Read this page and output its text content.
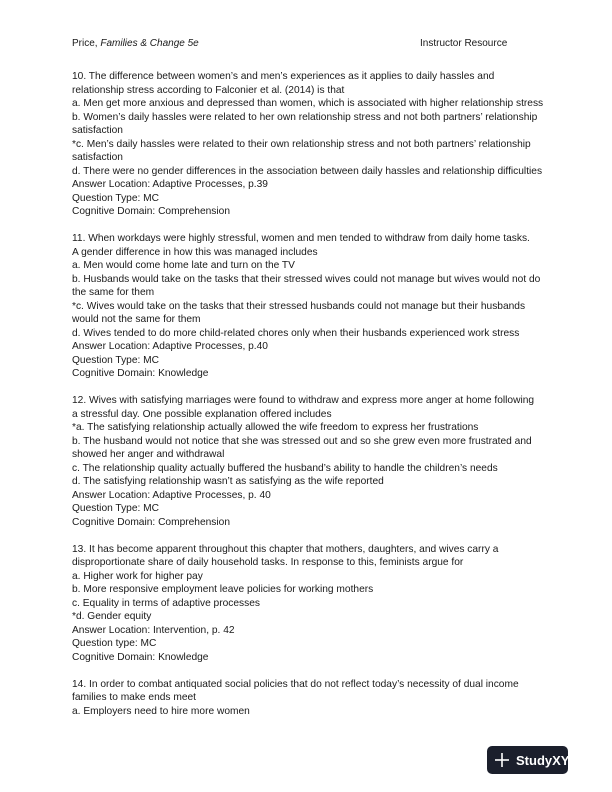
Price, Families & Change 5e	Instructor Resource
10. The difference between women’s and men’s experiences as it applies to daily hassles and
relationship stress according to Falconier et al. (2014) is that
a. Men get more anxious and depressed than women, which is associated with higher relationship stress
b. Women’s daily hassles were related to her own relationship stress and not both partners’ relationship
satisfaction
*c. Men’s daily hassles were related to their own relationship stress and not both partners’ relationship
satisfaction
d. There were no gender differences in the association between daily hassles and relationship difficulties
Answer Location: Adaptive Processes, p.39
Question Type: MC
Cognitive Domain: Comprehension
11. When workdays were highly stressful, women and men tended to withdraw from daily home tasks.
A gender difference in how this was managed includes
a. Men would come home late and turn on the TV
b. Husbands would take on the tasks that their stressed wives could not manage but wives would not do
the same for them
*c. Wives would take on the tasks that their stressed husbands could not manage but their husbands
would not the same for them
d. Wives tended to do more child-related chores only when their husbands experienced work stress
Answer Location: Adaptive Processes, p.40
Question Type: MC
Cognitive Domain: Knowledge
12. Wives with satisfying marriages were found to withdraw and express more anger at home following
a stressful day. One possible explanation offered includes
*a. The satisfying relationship actually allowed the wife freedom to express her frustrations
b. The husband would not notice that she was stressed out and so she grew even more frustrated and
showed her anger and withdrawal
c. The relationship quality actually buffered the husband’s ability to handle the children’s needs
d. The satisfying relationship wasn’t as satisfying as the wife reported
Answer Location: Adaptive Processes, p. 40
Question Type: MC
Cognitive Domain: Comprehension
13. It has become apparent throughout this chapter that mothers, daughters, and wives carry a
disproportionate share of daily household tasks. In response to this, feminists argue for
a. Higher work for higher pay
b. More responsive employment leave policies for working mothers
c. Equality in terms of adaptive processes
*d. Gender equity
Answer Location: Intervention, p. 42
Question type: MC
Cognitive Domain: Knowledge
14. In order to combat antiquated social policies that do not reflect today’s necessity of dual income
families to make ends meet
a. Employers need to hire more women
StudyXY
